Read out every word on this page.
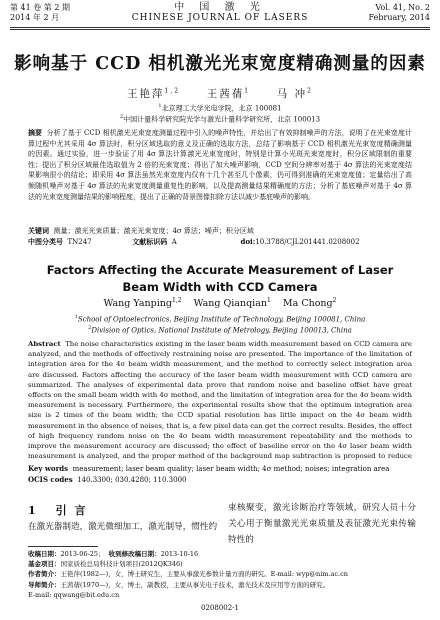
第 41 卷 第 2 期
2014 年 2 月
中 国 激 光
CHINESE JOURNAL OF LASERS
Vol. 41, No. 2
February, 2014
影响基于 CCD 相机激光光束宽度精确测量的因素
王艳萍$^{1,2}$	王茜蒨$^1$	马 冲$^2$
$^1$北京理工大学光电学院，北京 100081
$^2$中国计量科学研究院光学与激光计量科学研究所，北京 100013
摘要 分析了基于 CCD 相机激光光束宽度测量过程中引入的噪声特性，并给出了有效抑制噪声的方法，说明了在光束宽度计算过程中尤其采用 4σ 算法时，积分区域选取的意义及正确的选取方法，总结了影响基于 CCD 相机激光光束宽度精确测量的因素。通过实验，进一步验证了用 4σ 算法计算激光光束宽度时，特别是计算小光斑光束宽度时，积分区域限制的重要性；提出了积分区域最佳选取值为 2 倍的光束宽度；得出了加大噪声影响，CCD 空间分辨率对基于 4σ 算法的光束宽度结果影响很小的结论；即采用 4σ 算法虽然光束宽度内仅有十几个甚至几个像素，仍可得到准确的光束宽度值；定量给出了高频随机噪声对基于 4σ 算法的光束宽度测量重复性的影响，以及提高测量结果精确度的方法；分析了基底噪声对基于 4σ 算法的光束宽度测量结果的影响程度，提出了正确的背景图像扣除方法以减少基底噪声的影响。
关键词 测量；激光光束质量；激光光束宽度；4σ 算法；噪声；积分区域
中图分类号 TN247	文献标识码 A	doi:10.3788/CJL201441.0208002
Factors Affecting the Accurate Measurement of Laser
Beam Width with CCD Camera
Wang Yanping$^{1,2}$ Wang Qianqian$^1$ Ma Chong$^2$
$^1$School of Optoelectronics, Beijing Institute of Technology, Beijing 100081, China
$^2$Division of Optics, National Institute of Metrology, Beijing 100013, China
Abstract The noise characteristics existing in the laser beam width measurement based on CCD camera are analyzed, and the methods of effectively restraining noise are presented. The importance of the limitation of integration area for the 4σ beam width measurement, and the method to correctly select integration area are discussed. Factors affecting the accuracy of the laser beam width measurement with CCD camera are summarized. The analyses of experimental data prove that random noise and baseline offset have great effects on the small beam width with 4σ method, and the limitation of integration area for the 4σ beam width measurement is necessary. Furthermore, the experimental results show that the optimum integration area size is 2 times of the beam width; the CCD spatial resolution has little impact on the 4σ beam width measurement in the absence of noises, that is, a few pixel data can get the correct results. Besides, the effect of high frequency random noise on the 4σ beam width measurement repeatability and the methods to improve the measurement accuracy are discussed; the effect of baseline error on the 4σ laser beam width measurement is analyzed, and the proper method of the background map subtraction is proposed to reduce
Key words measurement; laser beam quality; laser beam width; 4σ method; noises; integration area
OCIS codes 140.3300; 030.4280; 110.3000
1 引 言
在激光器制造，激光微细加工，激光制导，惯性约
束核聚变，激光诊断治疗等领域，研究人员十分关心用于衡量激光光束质量及表征激光光束传输特性的
收稿日期：2013-06-25； 收到修改稿日期：2013-10-16
基金项目：国家质检总局科技计划项目(2012QK346)
作者简介：王艳萍(1982—)，女，博士研究生，主要从事激光参数计量方面的研究。E-mail: wyp@nim.ac.cn
导师简介：王茜蒨(1970—)，女，博士，副教授，主要从事光电子技术，激光技术及应用等方面的研究。
E-mail: qqwang@bit.edu.cn
0208002-1
